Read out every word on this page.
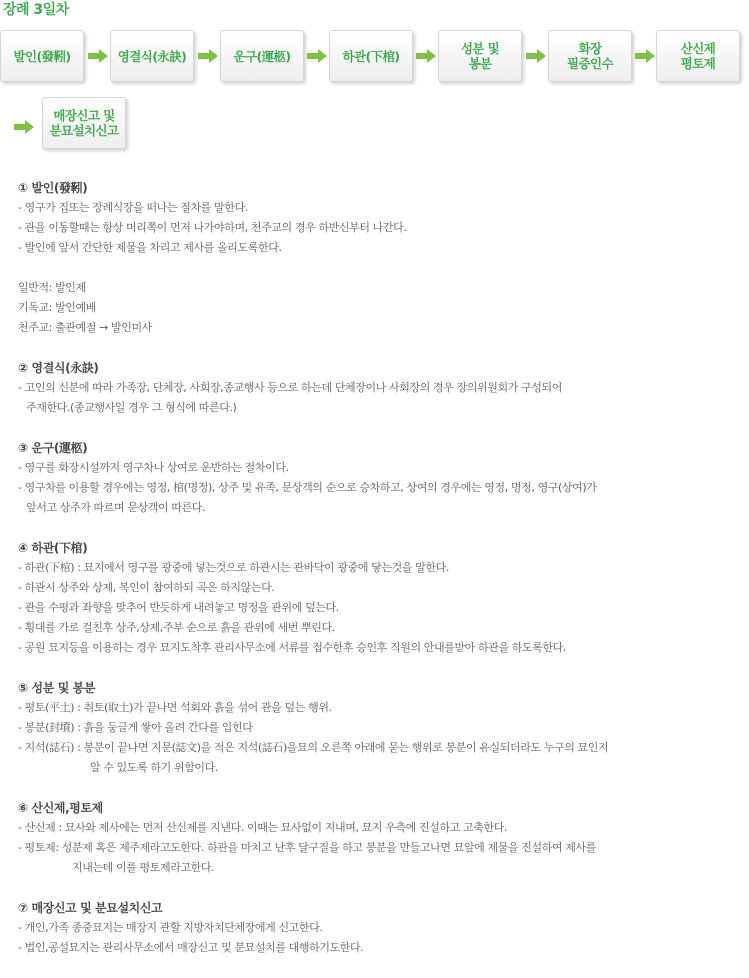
장례 3일차
발인(發靷)	영결식(永訣)	운구(運柩)	하관(下棺)	성분 및
봉분
화장
필증인수
산신제
평토제
매장신고 및
분묘설치신고
① 발인(發靷)
- 영구가 집또는 장례식장을 떠나는 절차를 말한다.
- 관을 이동할때는 항상 머리쪽이 먼저 나가야하며, 천주교의 경우 하반신부터 나간다.
- 발인에 앞서 간단한 제물을 차리고 제사를 올리도록한다.
일반적: 발인제
기독교: 발인예배
천주교: 출관예절 → 발인미사
② 영결식(永訣)
- 고인의 신분에 따라 가족장, 단체장, 사회장,종교행사 등으로 하는데 단체장이나 사회장의 경우 장의위원회가 구성되어
주재한다.(종교행사일 경우 그 형식에 따른다.)
③ 운구(運柩)
- 영구를 화장시설까지 영구차나 상여로 운반하는 절차이다.
- 영구차를 이용할 경우에는 영정, 棺(명정), 상주 및 유족, 문상객의 순으로 승차하고, 상여의 경우에는 영정, 명정, 영구(상여)가
앞서고 상주가 따르며 문상객이 따른다.
④ 하관(下棺)
- 하관(下棺) : 묘지에서 영구를 광중에 넣는것으로 하관시는 관바닥이 광중에 닿는것을 말한다.
- 하관시 상주와 상제, 복인이 참여하되 곡은 하지않는다.
- 관을 수평과 좌향을 맞추어 반듯하게 내려놓고 명정을 관위에 덮는다.
- 횡대를 가로 걸친후 상주,상제,주부 순으로 흙을 관위에 세번 뿌린다.
- 공원 묘지등을 이용하는 경우 묘지도착후 관리사무소에 서류를 접수한후 승인후 직원의 안내를받아 하관을 하도록한다.
⑤ 성분 및 봉분
- 평토(平土) : 취토(取土)가 끝나면 석회와 흙을 섞어 관을 덮는 행위.
- 봉분(封墳) : 흙을 둥글게 쌓아 올려 간다를 입힌다
- 지석(誌石) : 봉분이 끝나면 지문(誌文)을 적은 지석(誌石)을묘의 오른쪽 아래에 묻는 행위로 봉분이 유실되더라도 누구의 묘인지
알 수 있도록 하기 위함이다.
⑥ 산신제,평토제
- 산신제 : 묘사와 제사에는 먼저 산신제를 지낸다. 이때는 묘사없이 지내며, 묘지 우측에 진설하고 고축한다.
- 평토제: 성분제 혹은 제주제라고도한다. 하관을 마치고 난후 달구질을 하고 봉분을 만들고나면 묘앞에 제물을 진설하여 제사를
지내는데 이를 평토제라고한다.
⑦ 매장신고 및 분묘설치신고
- 개인,가족 종중묘지는 매장지 관할 지방자치단체장에게 신고한다.
- 법인,공설묘지는 관리사무소에서 매장신고 및 분묘설치를 대행하기도한다.
